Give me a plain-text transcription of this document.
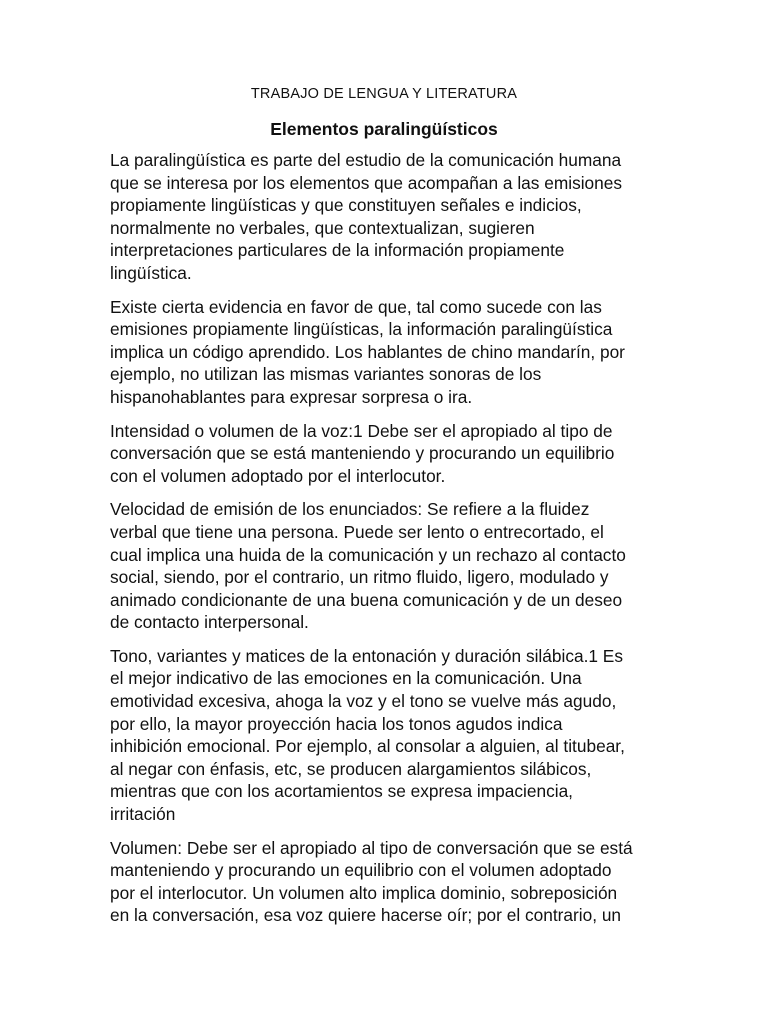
TRABAJO DE LENGUA Y LITERATURA
Elementos paralingüísticos

La paralingüística es parte del estudio de la comunicación humana
que se interesa por los elementos que acompañan a las emisiones
propiamente lingüísticas y que constituyen señales e indicios,
normalmente no verbales, que contextualizan, sugieren
interpretaciones particulares de la información propiamente
lingüística.

Existe cierta evidencia en favor de que, tal como sucede con las
emisiones propiamente lingüísticas, la información paralingüística
implica un código aprendido. Los hablantes de chino mandarín, por
ejemplo, no utilizan las mismas variantes sonoras de los
hispanohablantes para expresar sorpresa o ira.

Intensidad o volumen de la voz:1 Debe ser el apropiado al tipo de
conversación que se está manteniendo y procurando un equilibrio
con el volumen adoptado por el interlocutor.

Velocidad de emisión de los enunciados: Se refiere a la fluidez
verbal que tiene una persona. Puede ser lento o entrecortado, el
cual implica una huida de la comunicación y un rechazo al contacto
social, siendo, por el contrario, un ritmo fluido, ligero, modulado y
animado condicionante de una buena comunicación y de un deseo
de contacto interpersonal.

Tono, variantes y matices de la entonación y duración silábica.1 Es
el mejor indicativo de las emociones en la comunicación. Una
emotividad excesiva, ahoga la voz y el tono se vuelve más agudo,
por ello, la mayor proyección hacia los tonos agudos indica
inhibición emocional. Por ejemplo, al consolar a alguien, al titubear,
al negar con énfasis, etc, se producen alargamientos silábicos,
mientras que con los acortamientos se expresa impaciencia,
irritación

Volumen: Debe ser el apropiado al tipo de conversación que se está
manteniendo y procurando un equilibrio con el volumen adoptado
por el interlocutor. Un volumen alto implica dominio, sobreposición
en la conversación, esa voz quiere hacerse oír; por el contrario, un
